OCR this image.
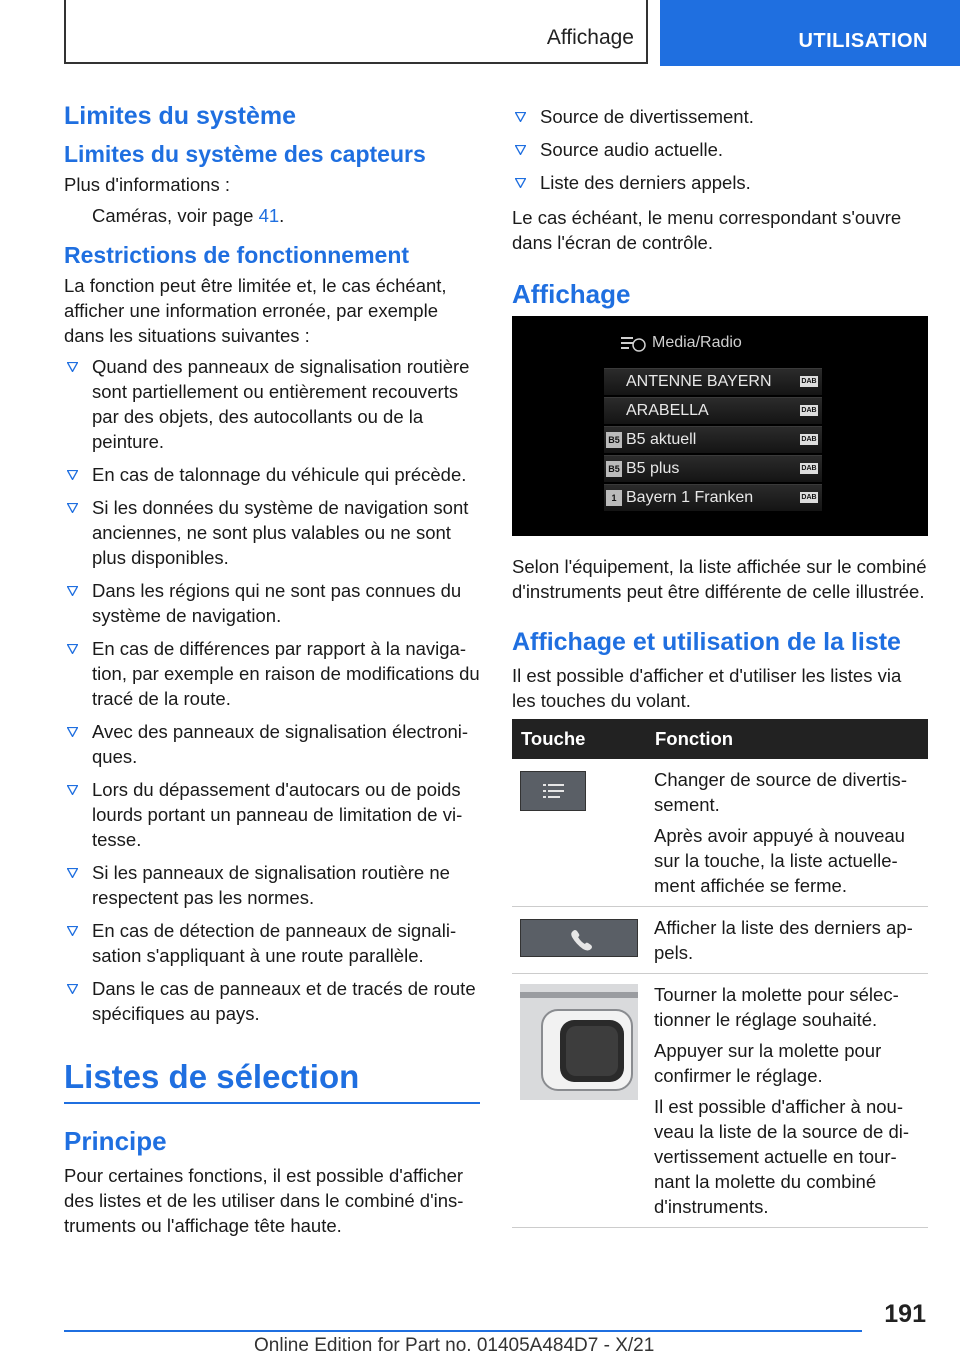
Affichage	UTILISATION
Limites du système
Limites du système des capteurs

Plus d'informations :

Caméras, voir page 41.
Restrictions de fonctionnement

La fonction peut être limitée et, le cas échéant, afficher une information erronée, par exemple dans les situations suivantes :

Quand des panneaux de signalisation routière sont partiellement ou entièrement recouverts par des objets, des autocollants ou de la peinture.
En cas de talonnage du véhicule qui précède.
Si les données du système de navigation sont anciennes, ne sont plus valables ou ne sont plus disponibles.
Dans les régions qui ne sont pas connues du système de navigation.
En cas de différences par rapport à la navigation, par exemple en raison de modifications du tracé de la route.
Avec des panneaux de signalisation électroniques.
Lors du dépassement d'autocars ou de poids lourds portant un panneau de limitation de vitesse.
Si les panneaux de signalisation routière ne respectent pas les normes.
En cas de détection de panneaux de signalisation s'appliquant à une route parallèle.
Dans le cas de panneaux et de tracés de route spécifiques au pays.
Listes de sélection
Principe

Pour certaines fonctions, il est possible d'afficher des listes et de les utiliser dans le combiné d'instruments ou l'affichage tête haute.

Source de divertissement.
Source audio actuelle.
Liste des derniers appels.

Le cas échéant, le menu correspondant s'ouvre dans l'écran de contrôle.

Affichage
Media/Radio
ANTENNE BAYERN	DAB
ARABELLA	DAB
B5 B5 aktuell	DAB
B5 B5 plus	DAB
1 Bayern 1 Franken	DAB

Selon l'équipement, la liste affichée sur le combiné d'instruments peut être différente de celle illustrée.

Affichage et utilisation de la liste

Il est possible d'afficher et d'utiliser les listes via les touches du volant.

Touche	Fonction

Changer de source de divertissement.

Après avoir appuyé à nouveau sur la touche, la liste actuellement affichée se ferme.

Afficher la liste des derniers appels.

Tourner la molette pour sélectionner le réglage souhaité.

Appuyer sur la molette pour confirmer le réglage.

Il est possible d'afficher à nouveau la liste de la source de divertissement actuelle en tournant la molette du combiné d'instruments.

191
Online Edition for Part no. 01405A484D7 - X/21
